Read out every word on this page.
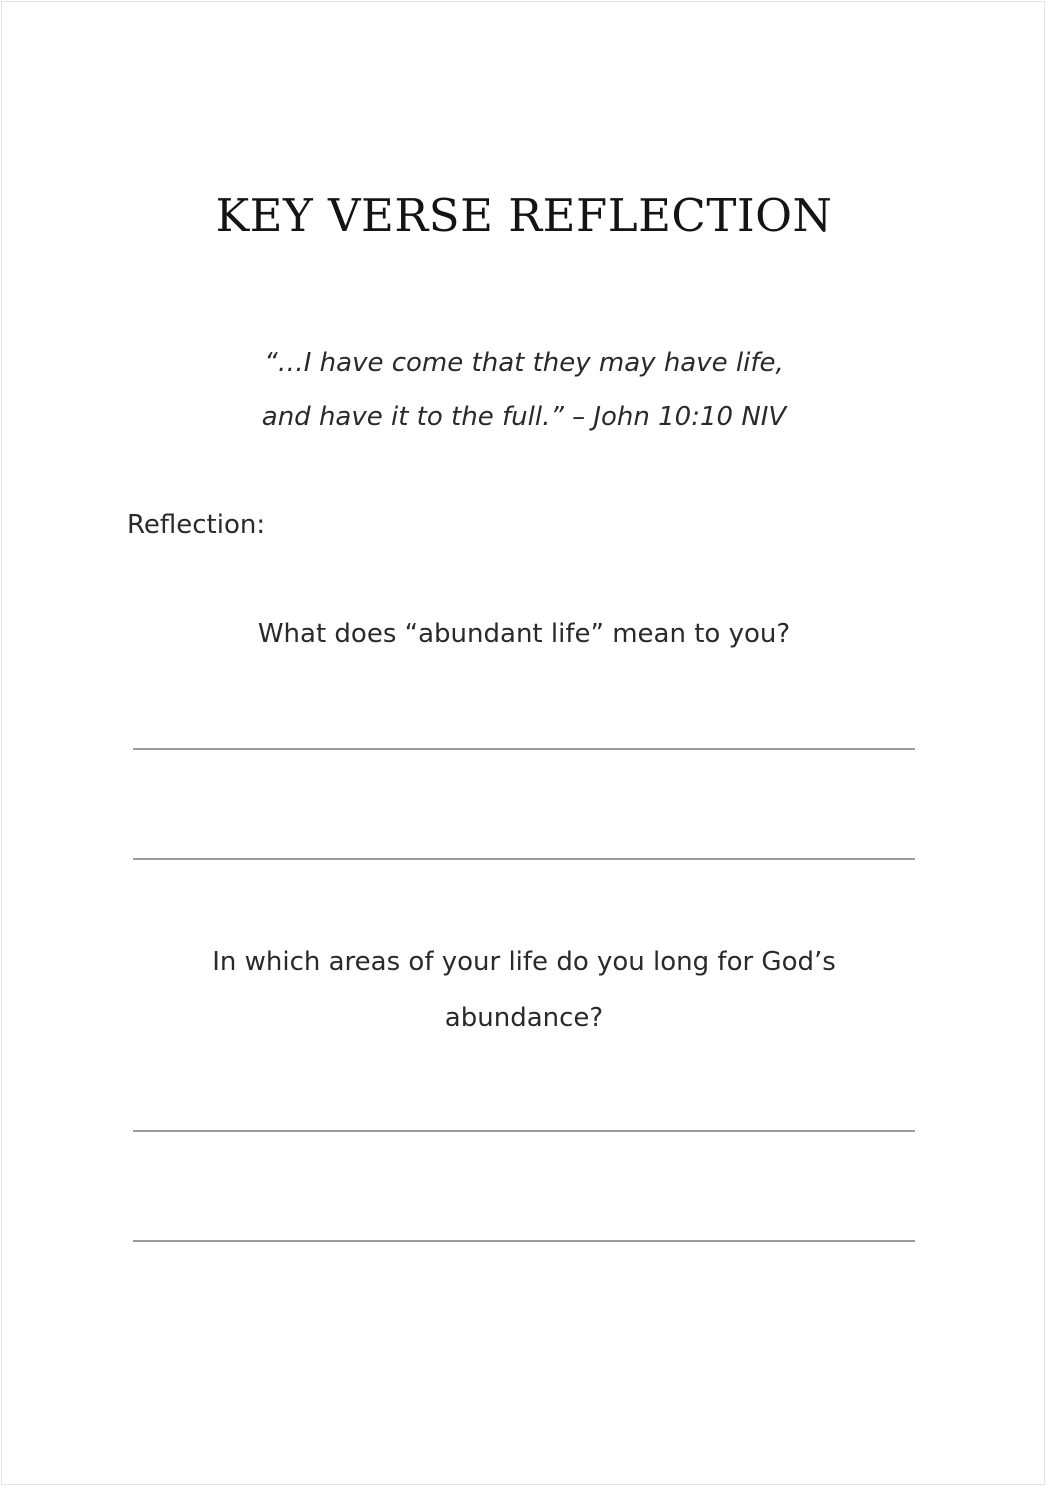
KEY VERSE REFLECTION
“…I have come that they may have life,
and have it to the full.” – John 10:10 NIV
Reflection:
What does “abundant life” mean to you?
In which areas of your life do you long for God’s
abundance?
